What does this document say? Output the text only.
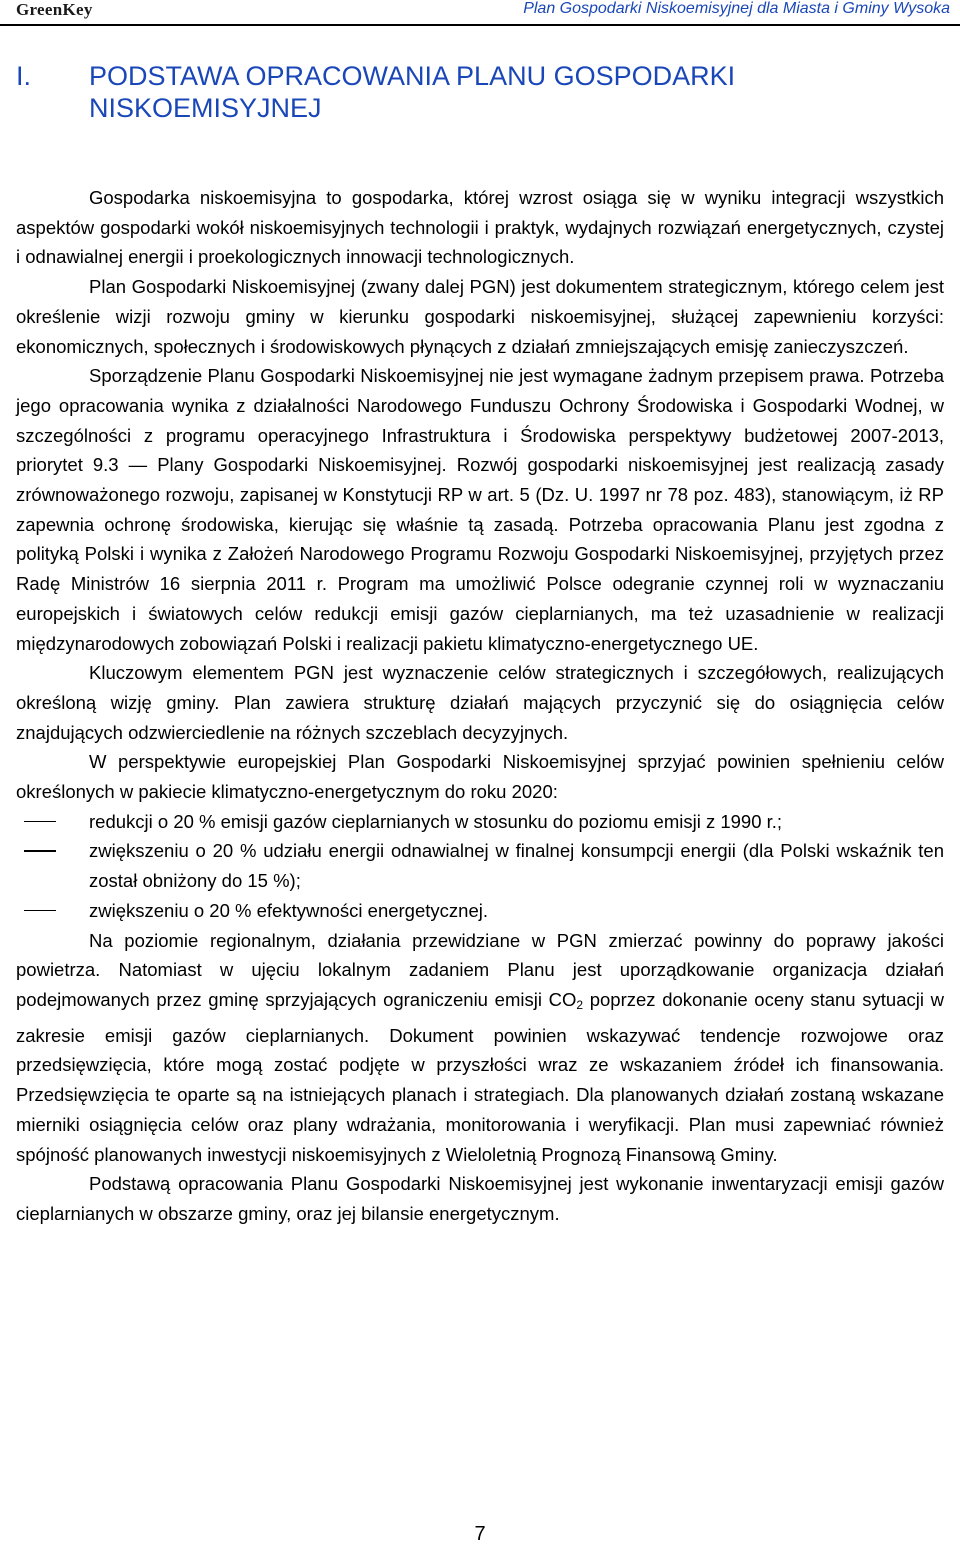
GreenKey	Plan Gospodarki Niskoemisyjnej dla Miasta i Gminy Wysoka
I. PODSTAWA OPRACOWANIA PLANU GOSPODARKI NISKOEMISYJNEJ

Gospodarka niskoemisyjna to gospodarka, której wzrost osiąga się w wyniku integracji wszystkich aspektów gospodarki wokół niskoemisyjnych technologii i praktyk, wydajnych rozwiązań energetycznych, czystej i odnawialnej energii i proekologicznych innowacji technologicznych.

Plan Gospodarki Niskoemisyjnej (zwany dalej PGN) jest dokumentem strategicznym, którego celem jest określenie wizji rozwoju gminy w kierunku gospodarki niskoemisyjnej, służącej zapewnieniu korzyści: ekonomicznych, społecznych i środowiskowych płynących z działań zmniejszających emisję zanieczyszczeń.

Sporządzenie Planu Gospodarki Niskoemisyjnej nie jest wymagane żadnym przepisem prawa. Potrzeba jego opracowania wynika z działalności Narodowego Funduszu Ochrony Środowiska i Gospodarki Wodnej, w szczególności z programu operacyjnego Infrastruktura i Środowiska perspektywy budżetowej 2007-2013, priorytet 9.3 — Plany Gospodarki Niskoemisyjnej. Rozwój gospodarki niskoemisyjnej jest realizacją zasady zrównoważonego rozwoju, zapisanej w Konstytucji RP w art. 5 (Dz. U. 1997 nr 78 poz. 483), stanowiącym, iż RP zapewnia ochronę środowiska, kierując się właśnie tą zasadą. Potrzeba opracowania Planu jest zgodna z polityką Polski i wynika z Założeń Narodowego Programu Rozwoju Gospodarki Niskoemisyjnej, przyjętych przez Radę Ministrów 16 sierpnia 2011 r. Program ma umożliwić Polsce odegranie czynnej roli w wyznaczaniu europejskich i światowych celów redukcji emisji gazów cieplarnianych, ma też uzasadnienie w realizacji międzynarodowych zobowiązań Polski i realizacji pakietu klimatyczno-energetycznego UE.

Kluczowym elementem PGN jest wyznaczenie celów strategicznych i szczegółowych, realizujących określoną wizję gminy. Plan zawiera strukturę działań mających przyczynić się do osiągnięcia celów znajdujących odzwierciedlenie na różnych szczeblach decyzyjnych.

W perspektywie europejskiej Plan Gospodarki Niskoemisyjnej sprzyjać powinien spełnieniu celów określonych w pakiecie klimatyczno-energetycznym do roku 2020:

redukcji o 20 % emisji gazów cieplarnianych w stosunku do poziomu emisji z 1990 r.;
zwiększeniu o 20 % udziału energii odnawialnej w finalnej konsumpcji energii (dla Polski wskaźnik ten został obniżony do 15 %);
zwiększeniu o 20 % efektywności energetycznej.

Na poziomie regionalnym, działania przewidziane w PGN zmierzać powinny do poprawy jakości powietrza. Natomiast w ujęciu lokalnym zadaniem Planu jest uporządkowanie organizacja działań podejmowanych przez gminę sprzyjających ograniczeniu emisji $CO_2$ poprzez dokonanie oceny stanu sytuacji w zakresie emisji gazów cieplarnianych. Dokument powinien wskazywać tendencje rozwojowe oraz przedsięwzięcia, które mogą zostać podjęte w przyszłości wraz ze wskazaniem źródeł ich finansowania. Przedsięwzięcia te oparte są na istniejących planach i strategiach. Dla planowanych działań zostaną wskazane mierniki osiągnięcia celów oraz plany wdrażania, monitorowania i weryfikacji. Plan musi zapewniać również spójność planowanych inwestycji niskoemisyjnych z Wieloletnią Prognozą Finansową Gminy.

Podstawą opracowania Planu Gospodarki Niskoemisyjnej jest wykonanie inwentaryzacji emisji gazów cieplarnianych w obszarze gminy, oraz jej bilansie energetycznym.

7
